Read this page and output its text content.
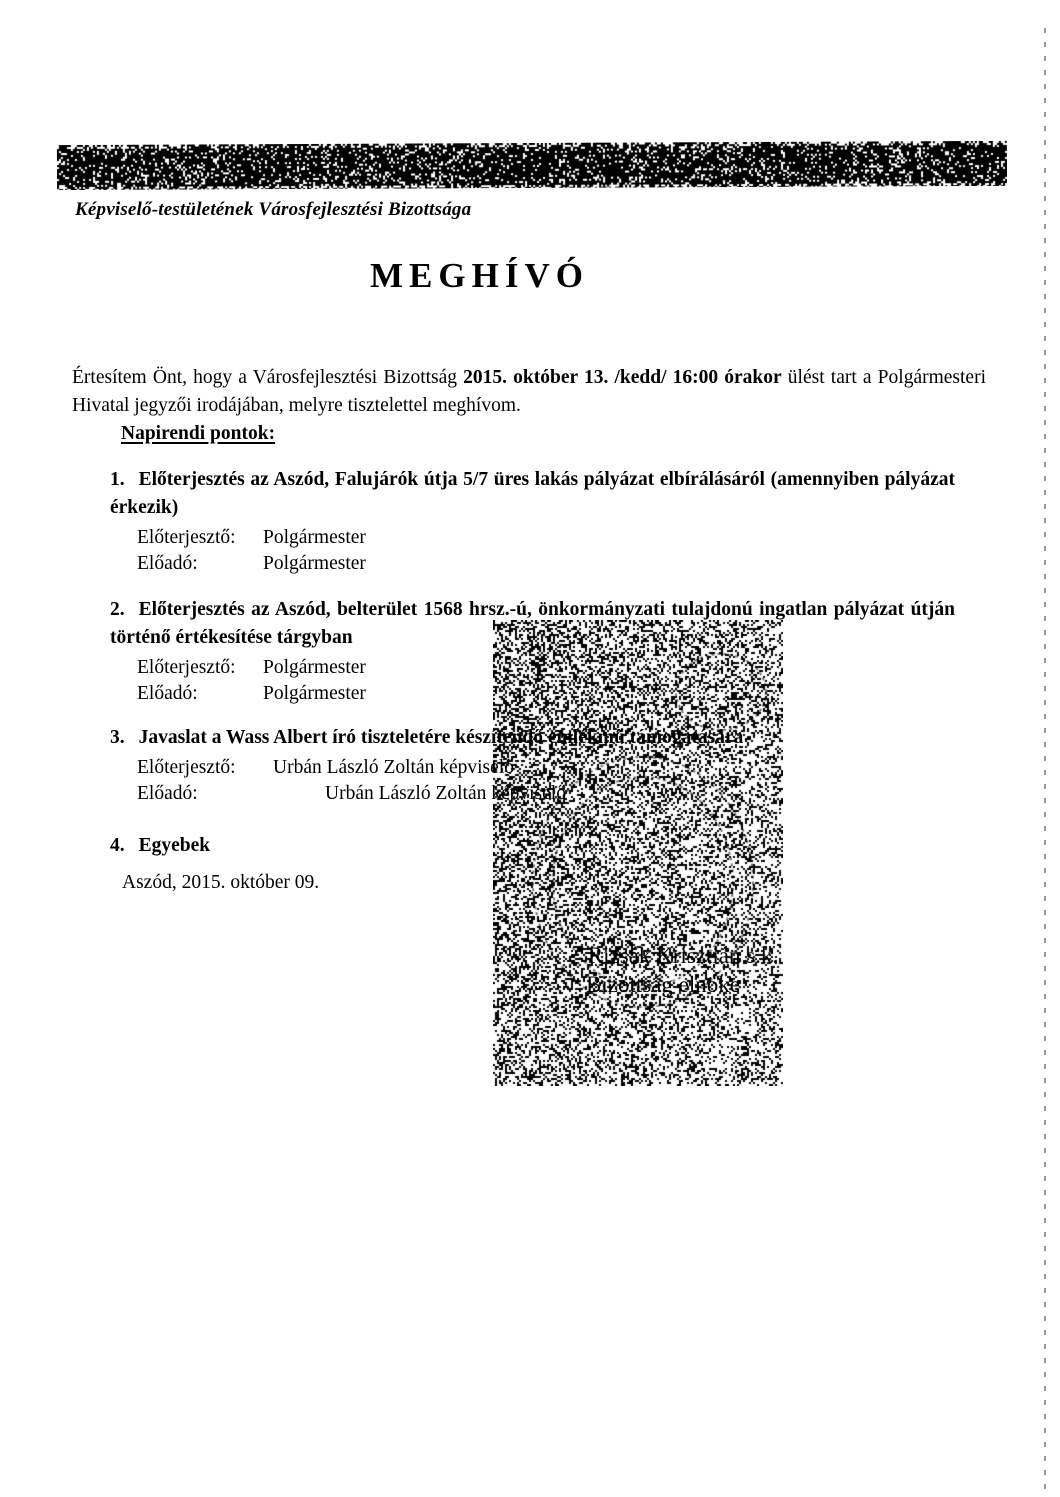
Képviselő-testületének Városfejlesztési Bizottsága
MEGHÍVÓ

Értesítem Önt, hogy a Városfejlesztési Bizottság 2015. október 13. /kedd/ 16:00 órakor ülést tart a Polgármesteri Hivatal jegyzői irodájában, melyre tisztelettel meghívom.

Napirendi pontok:
Rizsák Krisztián s.k.
Bizottság elnöke

1. Előterjesztés az Aszód, Falujárók útja 5/7 üres lakás pályázat elbírálásáról (amennyiben pályázat érkezik)

Előterjesztő: Polgármester
Előadó:	Polgármester

2. Előterjesztés az Aszód, belterület 1568 hrsz.-ú, önkormányzati tulajdonú ingatlan pályázat útján történő értékesítése tárgyban

Előterjesztő: Polgármester
Előadó:	Polgármester

3. Javaslat a Wass Albert író tiszteletére készítendő emlékmű támogatására

Előterjesztő: Urbán László Zoltán képviselő
Előadó:	Urbán László Zoltán képviselő

4. Egyebek

Aszód, 2015. október 09.
